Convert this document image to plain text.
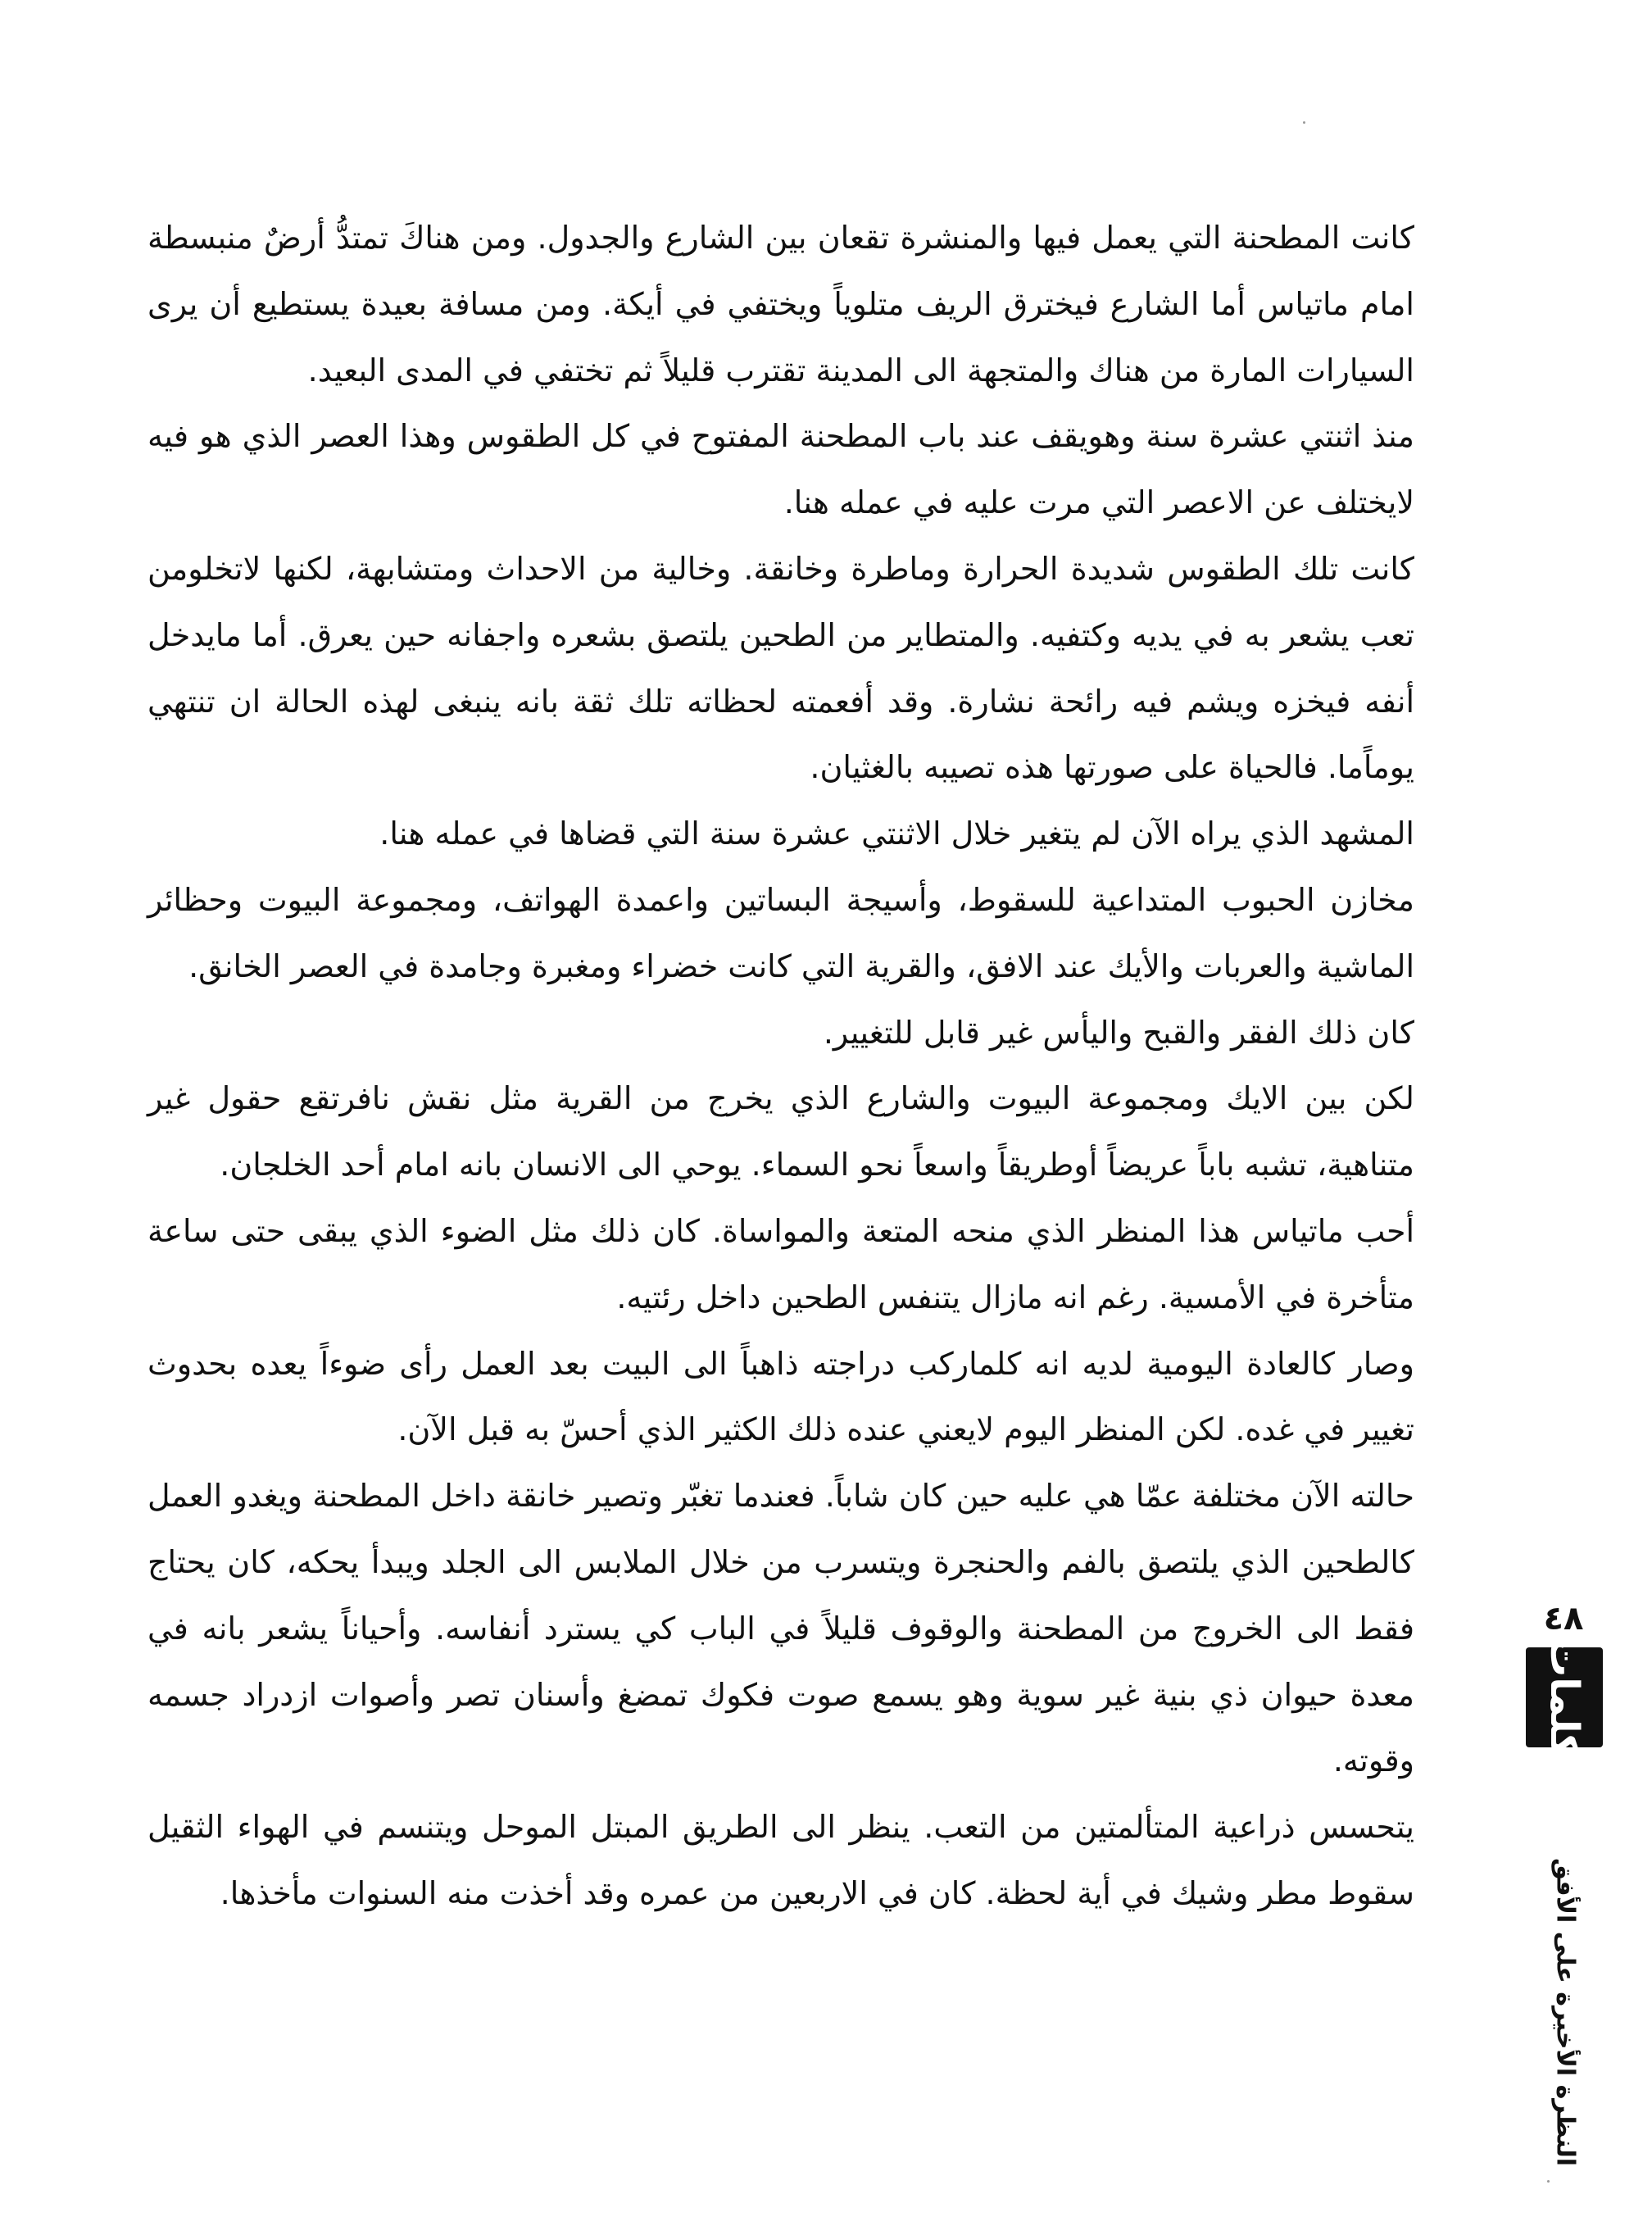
كانت المطحنة التي يعمل فيها والمنشرة تقعان بين الشارع والجدول. ومن هناكَ تمتدُّ أرضٌ منبسطة امام ماتياس أما الشارع فيخترق الريف متلوياً ويختفي في أيكة. ومن مسافة بعيدة يستطيع أن يرى السيارات المارة من هناك والمتجهة الى المدينة تقترب قليلاً ثم تختفي في المدى البعيد.

منذ اثنتي عشرة سنة وهويقف عند باب المطحنة المفتوح في كل الطقوس وهذا العصر الذي هو فيه لايختلف عن الاعصر التي مرت عليه في عمله هنا.

كانت تلك الطقوس شديدة الحرارة وماطرة وخانقة. وخالية من الاحداث ومتشابهة، لكنها لاتخلومن تعب يشعر به في يديه وكتفيه. والمتطاير من الطحين يلتصق بشعره واجفانه حين يعرق. أما مايدخل أنفه فيخزه ويشم فيه رائحة نشارة. وقد أفعمته لحظاته تلك ثقة بانه ينبغى لهذه الحالة ان تنتهي يوماًما. فالحياة على صورتها هذه تصيبه بالغثيان.

المشهد الذي يراه الآن لم يتغير خلال الاثنتي عشرة سنة التي قضاها في عمله هنا.

مخازن الحبوب المتداعية للسقوط، وأسيجة البساتين واعمدة الهواتف، ومجموعة البيوت وحظائر الماشية والعربات والأيك عند الافق، والقرية التي كانت خضراء ومغبرة وجامدة في العصر الخانق.

كان ذلك الفقر والقبح واليأس غير قابل للتغيير.

لكن بين الايك ومجموعة البيوت والشارع الذي يخرج من القرية مثل نقش نافرتقع حقول غير متناهية، تشبه باباً عريضاً أوطريقاً واسعاً نحو السماء. يوحي الى الانسان بانه امام أحد الخلجان.

أحب ماتياس هذا المنظر الذي منحه المتعة والمواساة. كان ذلك مثل الضوء الذي يبقى حتى ساعة متأخرة في الأمسية. رغم انه مازال يتنفس الطحين داخل رئتيه.

وصار كالعادة اليومية لديه انه كلماركب دراجته ذاهباً الى البيت بعد العمل رأى ضوءاً يعده بحدوث تغيير في غده. لكن المنظر اليوم لايعني عنده ذلك الكثير الذي أحسّ به قبل الآن.

حالته الآن مختلفة عمّا هي عليه حين كان شاباً. فعندما تغبّر وتصير خانقة داخل المطحنة ويغدو العمل كالطحين الذي يلتصق بالفم والحنجرة ويتسرب من خلال الملابس الى الجلد ويبدأ يحكه، كان يحتاج فقط الى الخروج من المطحنة والوقوف قليلاً في الباب كي يسترد أنفاسه. وأحياناً يشعر بانه في معدة حيوان ذي بنية غير سوية وهو يسمع صوت فكوك تمضغ وأسنان تصر وأصوات ازدراد جسمه وقوته.

يتحسس ذراعية المتألمتين من التعب. ينظر الى الطريق المبتل الموحل ويتنسم في الهواء الثقيل سقوط مطر وشيك في أية لحظة. كان في الاربعين من عمره وقد أخذت منه السنوات مأخذها.

٤٨
كلمات
النظرة الأخيرة على الأفق
